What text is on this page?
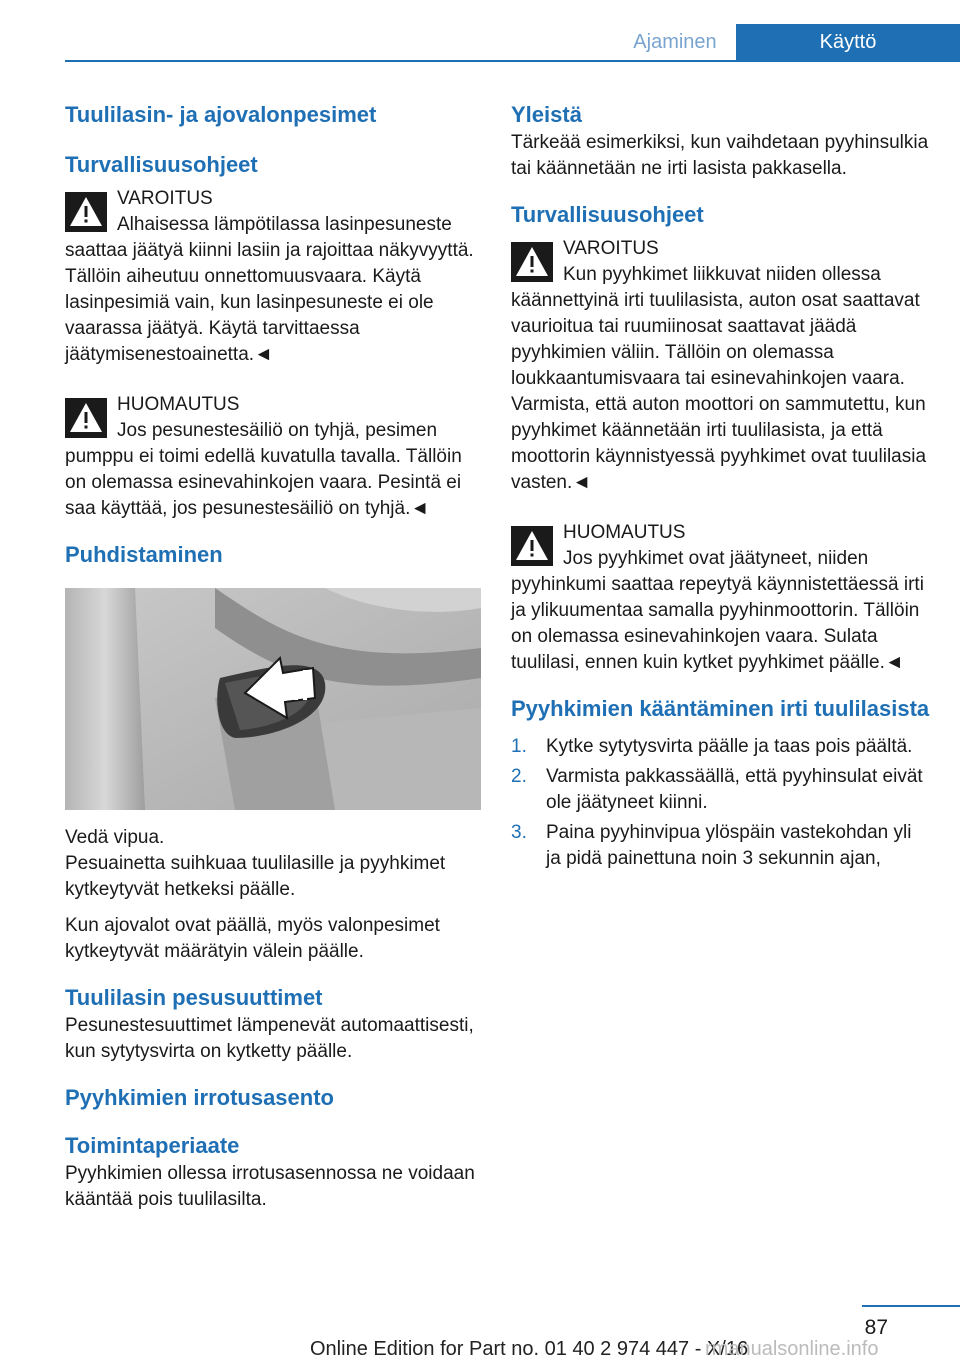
Ajaminen	Käyttö
Tuulilasin- ja ajovalonpesimet
Turvallisuusohjeet
VAROITUS
Alhaisessa lämpötilassa lasinpesuneste saattaa jäätyä kiinni lasiin ja rajoittaa näkyvyyttä. Tällöin aiheutuu onnettomuusvaara. Käytä lasinpesimiä vain, kun lasinpesuneste ei ole vaarassa jäätyä. Käytä tarvittaessa jäätymisenestoainetta.◄
HUOMAUTUS
Jos pesunestesäiliö on tyhjä, pesimen pumppu ei toimi edellä kuvatulla tavalla. Tällöin on olemassa esinevahinkojen vaara. Pesintä ei saa käyttää, jos pesunestesäiliö on tyhjä.◄
Puhdistaminen

Vedä vipua.

Pesuainetta suihkuaa tuulilasille ja pyyhkimet kytkeytyvät hetkeksi päälle.

Kun ajovalot ovat päällä, myös valonpesimet kytkeytyvät määrätyin välein päälle.

Tuulilasin pesusuuttimet

Pesunestesuuttimet lämpenevät automaattisesti, kun sytytysvirta on kytketty päälle.

Pyyhkimien irrotusasento
Toimintaperiaate

Pyyhkimien ollessa irrotusasennossa ne voidaan kääntää pois tuulilasilta.

Yleistä

Tärkeää esimerkiksi, kun vaihdetaan pyyhinsulkia tai käännetään ne irti lasista pakkasella.

Turvallisuusohjeet
VAROITUS
Kun pyyhkimet liikkuvat niiden ollessa käännettyinä irti tuulilasista, auton osat saattavat vaurioitua tai ruumiinosat saattavat jäädä pyyhkimien väliin. Tällöin on olemassa loukkaantumisvaara tai esinevahinkojen vaara. Varmista, että auton moottori on sammutettu, kun pyyhkimet käännetään irti tuulilasista, ja että moottorin käynnistyessä pyyhkimet ovat tuulilasia vasten.◄
HUOMAUTUS
Jos pyyhkimet ovat jäätyneet, niiden pyyhinkumi saattaa repeytyä käynnistettäessä irti ja ylikuumentaa samalla pyyhinmoottorin. Tällöin on olemassa esinevahinkojen vaara. Sulata tuulilasi, ennen kuin kytket pyyhkimet päälle.◄
Pyyhkimien kääntäminen irti tuulilasista
1. Kytke sytytysvirta päälle ja taas pois päältä.
2. Varmista pakkassäällä, että pyyhinsulat eivät ole jäätyneet kiinni.
3. Paina pyyhinvipua ylöspäin vastekohdan yli ja pidä painettuna noin 3 sekunnin ajan,
87
Online Edition for Part no. 01 40 2 974 447 - X/16
rmanualsonline.info
